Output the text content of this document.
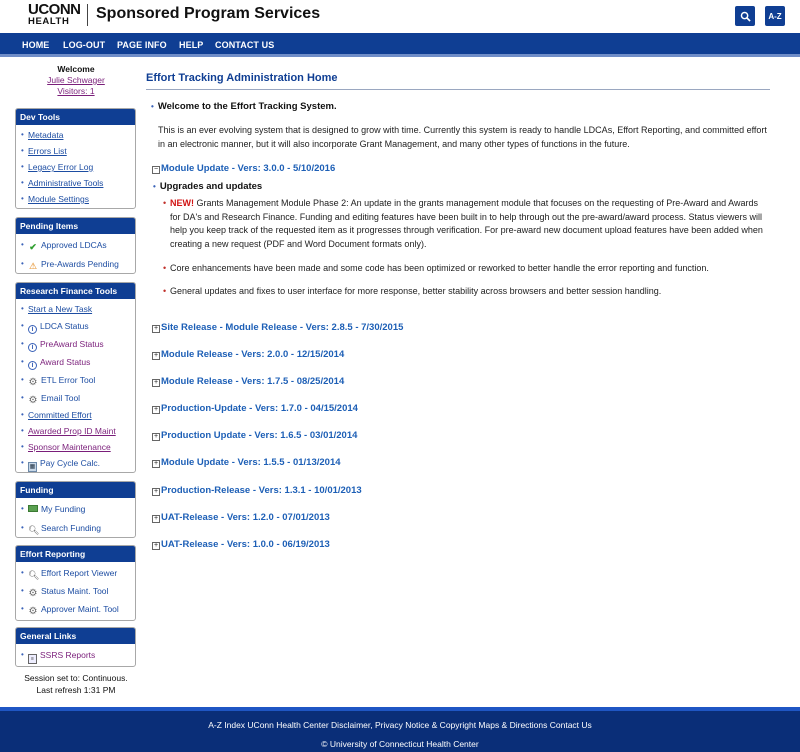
UCONN
HEALTH	Sponsored Program Services	A-Z
HOME LOG-OUT PAGE INFO HELP CONTACT US
Welcome
Julie Schwager
Visitors: 1
Dev Tools
• Metadata
• Errors List
• Legacy Error Log
• Administrative Tools
• Module Settings
Pending Items
• ✔ Approved LDCAs
• ⚠ Pre-Awards Pending
Research Finance Tools
• Start a New Task
• i LDCA Status
• i PreAward Status
• i Award Status
• ⚙ ETL Error Tool
• ⚙ Email Tool
• Committed Effort
• Awarded Prop ID Maint
• Sponsor Maintenance
• ▦ Pay Cycle Calc.
Funding
• My Funding
• 🔍︎ Search Funding
Effort Reporting
• 🔍︎ Effort Report Viewer
• ⚙ Status Maint. Tool
• ⚙ Approver Maint. Tool
General Links
• ≡ SSRS Reports
Session set to: Continuous.
Last refresh 1:31 PM
Effort Tracking Administration Home
• Welcome to the Effort Tracking System.
This is an ever evolving system that is designed to grow with time. Currently this system is ready to handle LDCAs, Effort Reporting, and committed effort in an electronic manner, but it will also incorporate Grant Management, and many other types of functions in the future.
− Module Update - Vers: 3.0.0 - 5/10/2016
• Upgrades and updates
• NEW! Grants Management Module Phase 2: An update in the grants management module that focuses on the requesting of Pre-Award and Awards for DA's and Research Finance. Funding and editing features have been built in to help through out the pre-award/award process. Status viewers will help you keep track of the requested item as it progresses through verification. For pre-award new document upload features have been added when creating a new request (PDF and Word Document formats only).
• Core enhancements have been made and some code has been optimized or reworked to better handle the error reporting and function.
• General updates and fixes to user interface for more response, better stability across browsers and better session handling.
+ Site Release - Module Release - Vers: 2.8.5 - 7/30/2015
+ Module Release - Vers: 2.0.0 - 12/15/2014
+ Module Release - Vers: 1.7.5 - 08/25/2014
+ Production-Update - Vers: 1.7.0 - 04/15/2014
+ Production Update - Vers: 1.6.5 - 03/01/2014
+ Module Update - Vers: 1.5.5 - 01/13/2014
+ Production-Release - Vers: 1.3.1 - 10/01/2013
+ UAT-Release - Vers: 1.2.0 - 07/01/2013
+ UAT-Release - Vers: 1.0.0 - 06/19/2013
A-Z Index UConn Health Center Disclaimer, Privacy Notice & Copyright Maps & Directions Contact Us
© University of Connecticut Health Center
